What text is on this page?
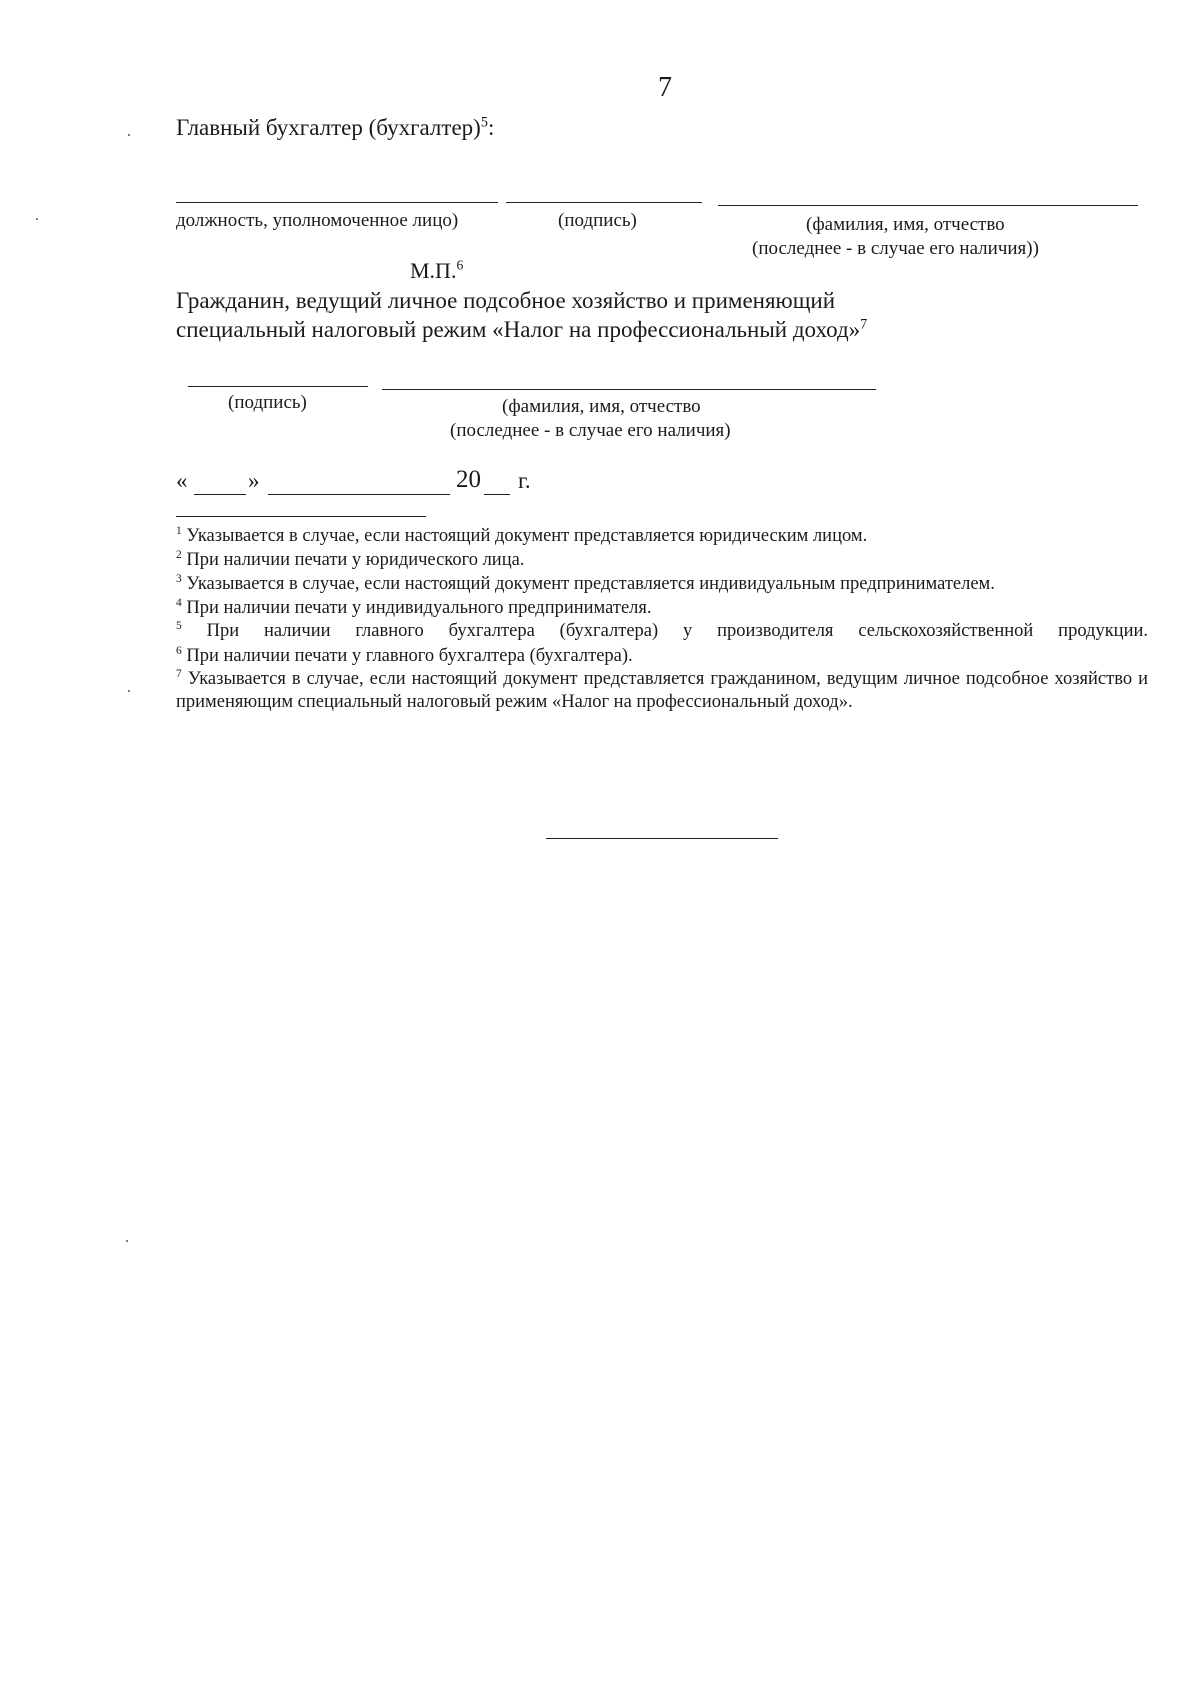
7
Главный бухгалтер (бухгалтер)$^5$:
должность, уполномоченное лицо)	(подпись)	(фамилия, имя, отчество
(последнее - в случае его наличия))
М.П.$^6$
Гражданин, ведущий личное подсобное хозяйство и применяющий
специальный налоговый режим «Налог на профессиональный доход»$^7$
(подпись)	(фамилия, имя, отчество
(последнее - в случае его наличия)
«	»	20 г.
$^1$ Указывается в случае, если настоящий документ представляется юридическим лицом.
$^2$ При наличии печати у юридического лица.
$^3$ Указывается в случае, если настоящий документ представляется индивидуальным предпринимателем.
$^4$ При наличии печати у индивидуального предпринимателя.
$^5$ При наличии главного бухгалтера (бухгалтера) у производителя сельскохозяйственной продукции.
$^6$ При наличии печати у главного бухгалтера (бухгалтера).
$^7$ Указывается в случае, если настоящий документ представляется гражданином, ведущим личное подсобное хозяйство и применяющим специальный налоговый режим «Налог на профессиональный доход».
